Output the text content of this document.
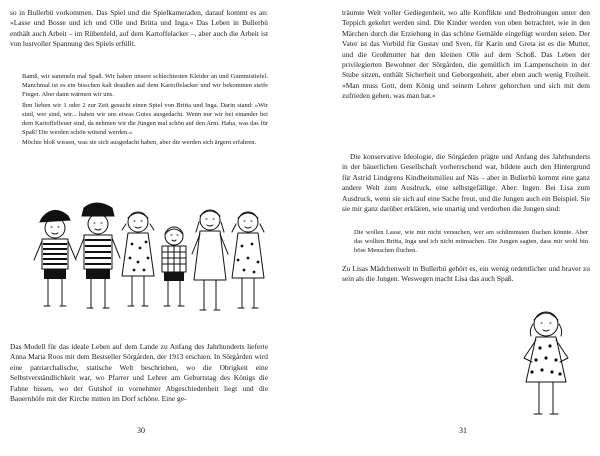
so in Bullerbü vorkommen. Das Spiel und die Spielkameraden, darauf kommt es an: »Lasse und Bosse und ich und Olle und Britta und Inga.« Das Leben in Bullerbü enthält auch Arbeit – im Rübenfeld, auf dem Kartoffelacker –, aber auch die Arbeit ist von lustvoller Spannung des Spiels erfüllt.

Bamß, wir sammeln mal Spaß. Wir haben unsere schlechtesten Kleider an und Gummistiefel. Manchmal ist es ein bisschen kalt draußen auf dem Kartoffelacker und wir bekommen steife Finger. Aber dann wärmen wir uns.

Ihm lieben wir 1 oder 2 zur Zeit gesucht einen Spiel von Britta und Inga. Darin stand: »Wir sind, wer sind, wir... haben wir uns etwas Gutes ausgedacht. Wenn nur wir bei einander bei dem Kartoffelfeuer sind, da nehmen wir die Jungen mal schön auf den Arm. Haha, was das für Spaß! Die werden schön wütend werden.«

Möchte bloß wissen, was sie sich ausgedacht haben, aber die werden sich ärgern erfahren.

Das Modell für das ideale Leben auf dem Lande zu Anfang des Jahrhunderts lieferte Anna Maria Roos mit dem Bestseller Sörgården, der 1913 erschien. In Sörgården wird eine patriarchalische, statische Welt beschrieben, wo die Obrigkeit eine Selbstverständlichkeit war, wo Pfarrer und Lehrer am Geburtstag des Königs die Fahne hissen, wo der Gutshof in vornehmer Abgeschiedenheit liegt und die Bauernhöfe mit der Kirche mitten im Dorf schöne. Eine ge-

30

träumte Welt voller Gediegenheit, wo alle Konflikte und Bedrohungen unter den Teppich gekehrt werden sind. Die Kinder werden von oben betrachtet, wie in den Märchen durch die Erziehung in das schöne Gemälde eingefügt worden seien. Der Vater ist das Vorbild für Gustav und Sven, für Karin und Greta ist es die Mutter, und die Großmutter hat den kleinen Olle auf dem Schoß. Das Leben der privilegierten Bewohner der Sörgården, die gemütlich im Lampenschein in der Stube sitzen, enthält Sicherheit und Geborgenheit, aber eben auch wenig Freiheit. »Man muss Gott, dem König und seinem Lehrer gehorchen und sich mit dem zufrieden geben, was man hat.«

Die konservative Ideologie, die Sörgården prägte und Anfang des Jahrhunderts in der bäuerlichen Gesellschaft vorherrschend war, bildete auch den Hintergrund für Astrid Lindgrens Kindheitsmilieu auf Näs – aber in Bullerbü kommt eine ganz andere Welt zum Ausdruck, eine selbstgefällige. Aber: Ingen. Bei Lisa zum Ausdruck, wenn sie sich auf eine Sache freut, und die Jungen auch ein Beispiel. Sie sie mir ganz darüber erklären, wie unartig und verdorben die Jungen sind:

Die wollen Lasse, wie mir nicht versuchen, wer am schlimmsten fluchen könnte. Aber das wollten Britta, Inga und ich nicht mitmachen. Die Jungen sagten, dass mir wohl bin böse Menschen fluchen.

Zu Lisas Mädchenwelt in Bullerbü gehört es, ein wenig ordentlicher und braver zu sein als die Jungen. Weswegen macht Lisa das auch Spaß.

31
